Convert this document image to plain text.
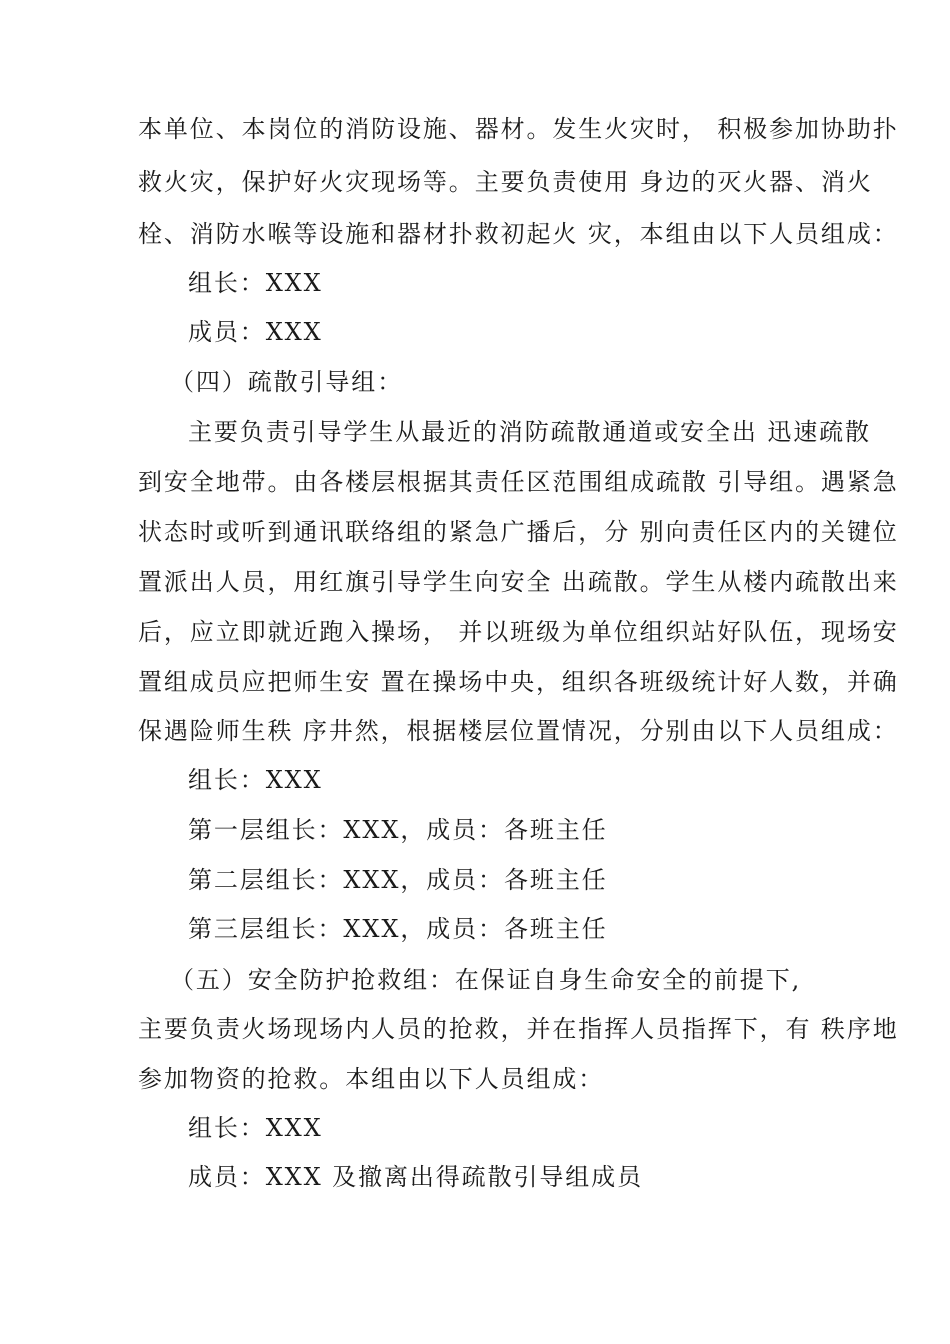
本单位、本岗位的消防设施、器材。发生火灾时， 积极参加协助扑
救火灾，保护好火灾现场等。主要负责使用 身边的灭火器、消火
栓、消防水喉等设施和器材扑救初起火 灾，本组由以下人员组成：
组长：XXX
成员：XXX
（四）疏散引导组：
主要负责引导学生从最近的消防疏散通道或安全出 迅速疏散
到安全地带。由各楼层根据其责任区范围组成疏散 引导组。遇紧急
状态时或听到通讯联络组的紧急广播后，分 别向责任区内的关键位
置派出人员，用红旗引导学生向安全 出疏散。学生从楼内疏散出来
后，应立即就近跑入操场， 并以班级为单位组织站好队伍，现场安
置组成员应把师生安 置在操场中央，组织各班级统计好人数，并确
保遇险师生秩 序井然，根据楼层位置情况，分别由以下人员组成：
组长：XXX
第一层组长：XXX，成员：各班主任
第二层组长：XXX，成员：各班主任
第三层组长：XXX，成员：各班主任
（五）安全防护抢救组：在保证自身生命安全的前提下,
主要负责火场现场内人员的抢救，并在指挥人员指挥下，有 秩序地
参加物资的抢救。本组由以下人员组成：
组长：XXX
成员：XXX 及撤离出得疏散引导组成员
